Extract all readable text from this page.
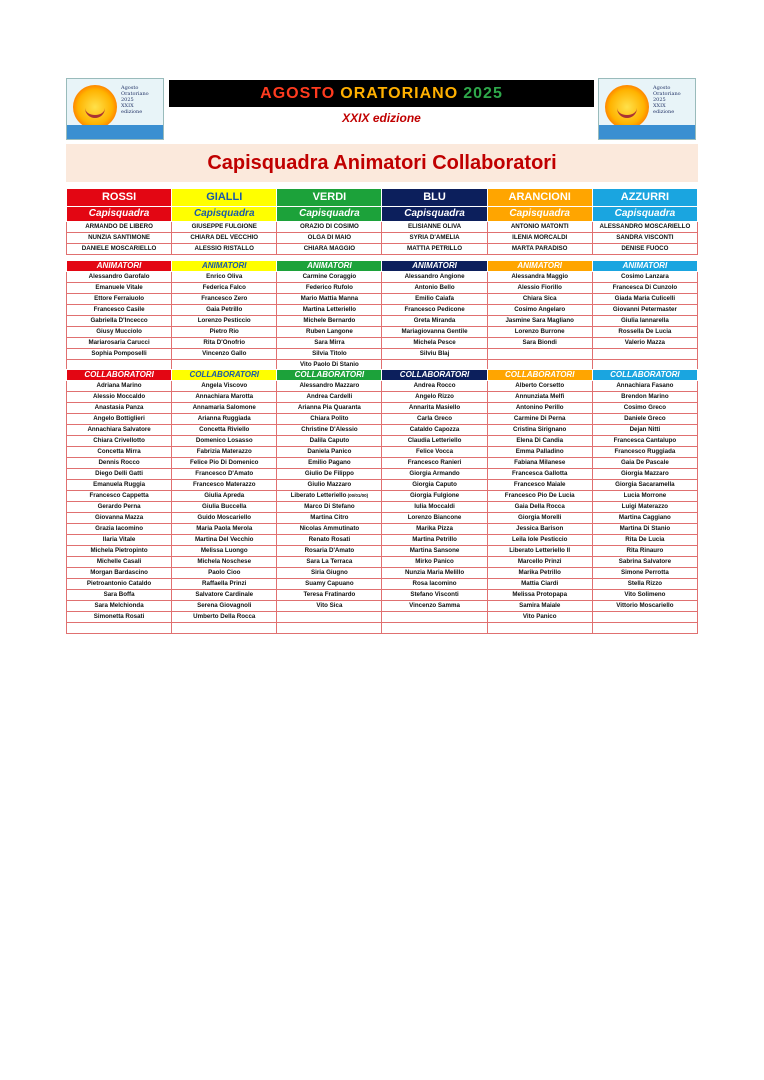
Agosto
Oratoriano
2025
XXIX
edizione
Agosto
Oratoriano
2025
XXIX
edizione
AGOSTO ORATORIANO 2025
XXIX edizione
Capisquadra Animatori Collaboratori
ROSSI	GIALLI	VERDI	BLU	ARANCIONI	AZZURRI
Capisquadra	Capisquadra	Capisquadra	Capisquadra	Capisquadra	Capisquadra
ARMANDO DE LIBERO	GIUSEPPE FULGIONE	ORAZIO DI COSIMO	ELISIANNE OLIVA	ANTONIO MATONTI	ALESSANDRO MOSCARIELLO
NUNZIA SANTIMONE	CHIARA DEL VECCHIO	OLGA DI MAIO	SYRIA D'AMELIA	ILENIA MORCALDI	SANDRA VISCONTI
DANIELE MOSCARIELLO	ALESSIO RISTALLO	CHIARA MAGGIO	MATTIA PETRILLO	MARTA PARADISO	DENISE FUOCO
ANIMATORI	ANIMATORI	ANIMATORI	ANIMATORI	ANIMATORI	ANIMATORI
Alessandro Garofalo	Enrico Oliva	Carmine Coraggio	Alessandro Angione	Alessandra Maggio	Cosimo Lanzara
Emanuele Vitale	Federica Falco	Federico Rufolo	Antonio Bello	Alessio Fiorillo	Francesca Di Cunzolo
Ettore Ferraiuolo	Francesco Zero	Mario Mattia Manna	Emilio Caiafa	Chiara Sica	Giada Maria Culicelli
Francesco Casile	Gaia Petrillo	Martina Letteriello	Francesco Pedicone	Cosimo Angelaro	Giovanni Petermaster
Gabriella D'Incecco	Lorenzo Pesticcio	Michele Bernardo	Greta Miranda	Jasmine Sara Magliano	Giulia Iannarella
Giusy Mucciolo	Pietro Rio	Ruben Langone	Mariagiovanna Gentile	Lorenzo Burrone	Rossella De Lucia
Mariarosaria Carucci	Rita D'Onofrio	Sara Mirra	Michela Pesce	Sara Biondi	Valerio Mazza
Sophia Pomposelli	Vincenzo Gallo	Silvia Titolo	Silviu Blaj		
		Vito Paolo Di Stanio			
COLLABORATORI	COLLABORATORI	COLLABORATORI	COLLABORATORI	COLLABORATORI	COLLABORATORI
Adriana Marino	Angela Viscovo	Alessandro Mazzaro	Andrea Rocco	Alberto Corsetto	Annachiara Fasano
Alessio Moccaldo	Annachiara Marotta	Andrea Cardelli	Angelo Rizzo	Annunziata Melfi	Brendon Marino
Anastasia Panza	Annamaria Salomone	Arianna Pia Quaranta	Annarita Masiello	Antonino Perillo	Cosimo Greco
Angelo Bottiglieri	Arianna Ruggiada	Chiara Polito	Carla Greco	Carmine Di Perna	Daniele Greco
Annachiara Salvatore	Concetta Riviello	Christine D'Alessio	Cataldo Capozza	Cristina Sirignano	Dejan Nitti
Chiara Crivellotto	Domenico Losasso	Dalila Caputo	Claudia Letteriello	Elena Di Candia	Francesca Cantalupo
Concetta Mirra	Fabrizia Materazzo	Daniela Panico	Felice Vocca	Emma Palladino	Francesco Ruggiada
Dennis Rocco	Felice Pio Di Domenico	Emilio Pagano	Francesco Ranieri	Fabiana Milanese	Gaia De Pascale
Diego Delli Gatti	Francesco D'Amato	Giulio De Filippo	Giorgia Armando	Francesca Gallotta	Giorgia Mazzaro
Emanuela Ruggia	Francesco Materazzo	Giulio Mazzaro	Giorgia Caputo	Francesco Maiale	Giorgia Sacaramella
Francesco Cappetta	Giulia Apreda	Liberato Letteriello (00/01/00)	Giorgia Fulgione	Francesco Pio De Lucia	Lucia Morrone
Gerardo Perna	Giulia Buccella	Marco Di Stefano	Iulia Moccaldi	Gaia Della Rocca	Luigi Materazzo
Giovanna Mazza	Guido Moscariello	Martina Citro	Lorenzo Biancone	Giorgia Morelli	Martina Caggiano
Grazia Iacomino	Maria Paola Merola	Nicolas Ammutinato	Marika Pizza	Jessica Barison	Martina Di Stanio
Ilaria Vitale	Martina Del Vecchio	Renato Rosati	Martina Petrillo	Leila Iole Pesticcio	Rita De Lucia
Michela Pietropinto	Melissa Luongo	Rosaria D'Amato	Martina Sansone	Liberato Letteriello II	Rita Rinauro
Michelle Casali	Michela Noschese	Sara La Terraca	Mirko Panico	Marcello Prinzi	Sabrina Salvatore
Morgan Bardascino	Paolo Cioo	Siria Giugno	Nunzia Maria Melillo	Marika Petrillo	Simone Perrotta
Pietroantonio Cataldo	Raffaella Prinzi	Suamy Capuano	Rosa Iacomino	Mattia Ciardi	Stella Rizzo
Sara Boffa	Salvatore Cardinale	Teresa Fratinardo	Stefano Visconti	Melissa Protopapa	Vito Solimeno
Sara Melchionda	Serena Giovagnoli	Vito Sica	Vincenzo Samma	Samira Maiale	Vittorio Moscariello
Simonetta Rosati	Umberto Della Rocca			Vito Panico	
